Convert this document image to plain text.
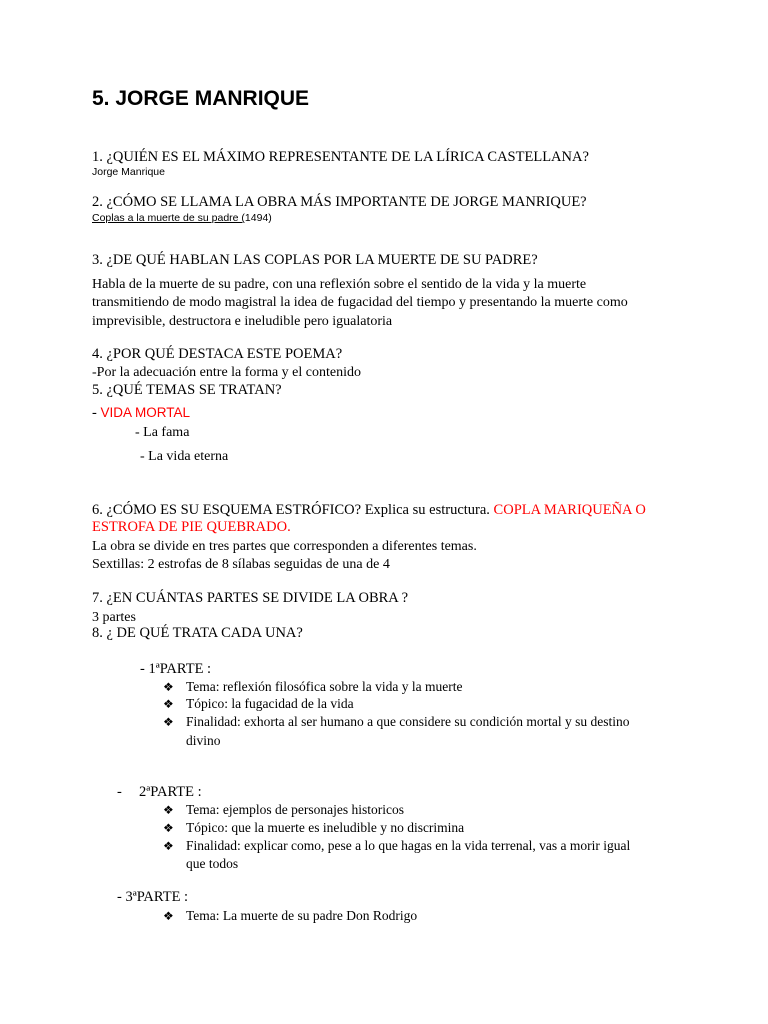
5. JORGE MANRIQUE
1. ¿QUIÉN ES EL MÁXIMO REPRESENTANTE DE LA LÍRICA CASTELLANA?
Jorge Manrique
2. ¿CÓMO SE LLAMA LA OBRA MÁS IMPORTANTE DE JORGE MANRIQUE?
Coplas a la muerte de su padre (1494)
3. ¿DE QUÉ HABLAN LAS COPLAS POR LA MUERTE DE SU PADRE?
Habla de la muerte de su padre, con una reflexión sobre el sentido de la vida y la muerte
transmitiendo de modo magistral la idea de fugacidad del tiempo y presentando la muerte como
imprevisible, destructora e ineludible pero igualatoria
4. ¿POR QUÉ DESTACA ESTE POEMA?
-Por la adecuación entre la forma y el contenido
5. ¿QUÉ TEMAS SE TRATAN?
- VIDA MORTAL
- La fama
- La vida eterna
6. ¿CÓMO ES SU ESQUEMA ESTRÓFICO? Explica su estructura. COPLA MARIQUEÑA O
ESTROFA DE PIE QUEBRADO.
La obra se divide en tres partes que corresponden a diferentes temas.
Sextillas: 2 estrofas de 8 sílabas seguidas de una de 4
7. ¿EN CUÁNTAS PARTES SE DIVIDE LA OBRA ?
3 partes
8. ¿ DE QUÉ TRATA CADA UNA?
- 1ªPARTE :
❖ Tema: reflexión filosófica sobre la vida y la muerte
❖ Tópico: la fugacidad de la vida
❖ Finalidad: exhorta al ser humano a que considere su condición mortal y su destino
divino
- 2ªPARTE :
❖ Tema: ejemplos de personajes historicos
❖ Tópico: que la muerte es ineludible y no discrimina
❖ Finalidad: explicar como, pese a lo que hagas en la vida terrenal, vas a morir igual
que todos
- 3ªPARTE :
❖ Tema: La muerte de su padre Don Rodrigo
